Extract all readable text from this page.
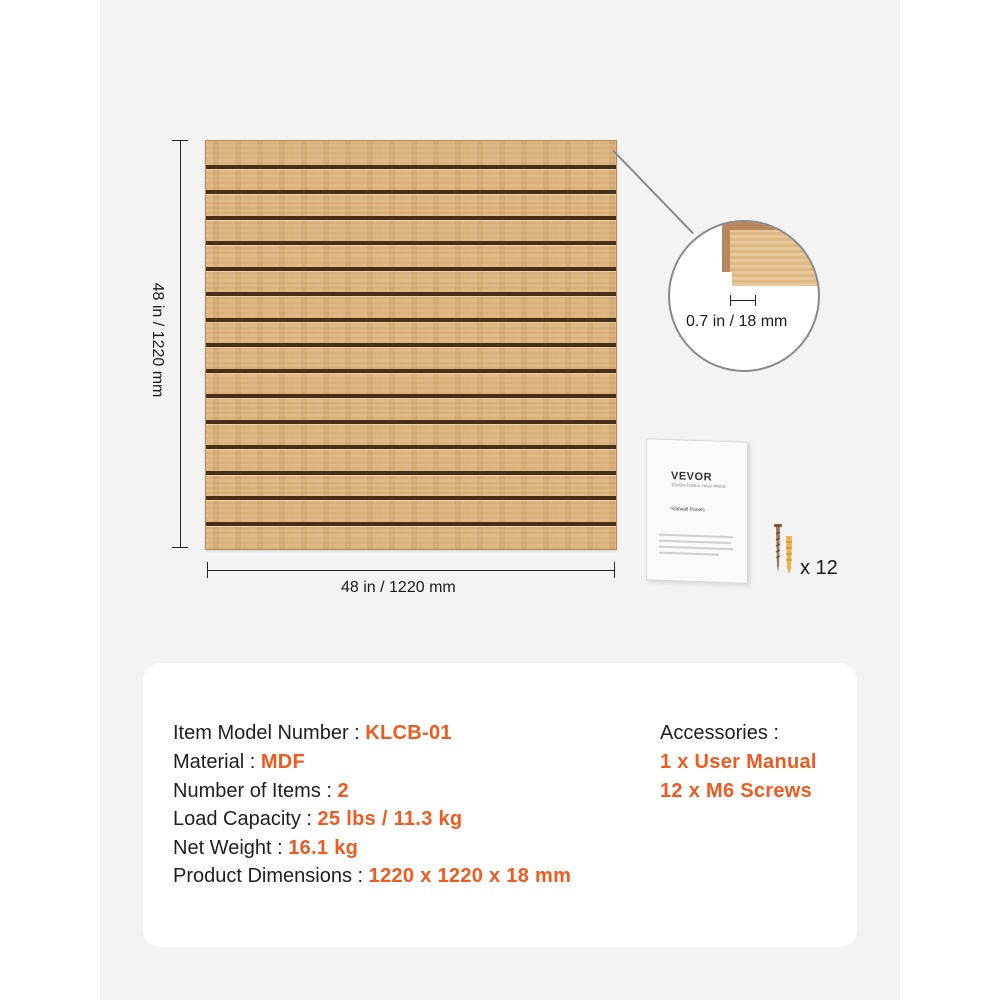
48 in / 1220 mm
48 in / 1220 mm
0.7 in / 18 mm
VEVOR
TOUGH TOOLS, HALF PRICE
Slatwall Panels
x 12
Item Model Number : KLCB-01
Material : MDF
Number of Items : 2
Load Capacity : 25 lbs / 11.3 kg
Net Weight : 16.1 kg
Product Dimensions : 1220 x 1220 x 18 mm
Accessories :
1 x User Manual
12 x M6 Screws
